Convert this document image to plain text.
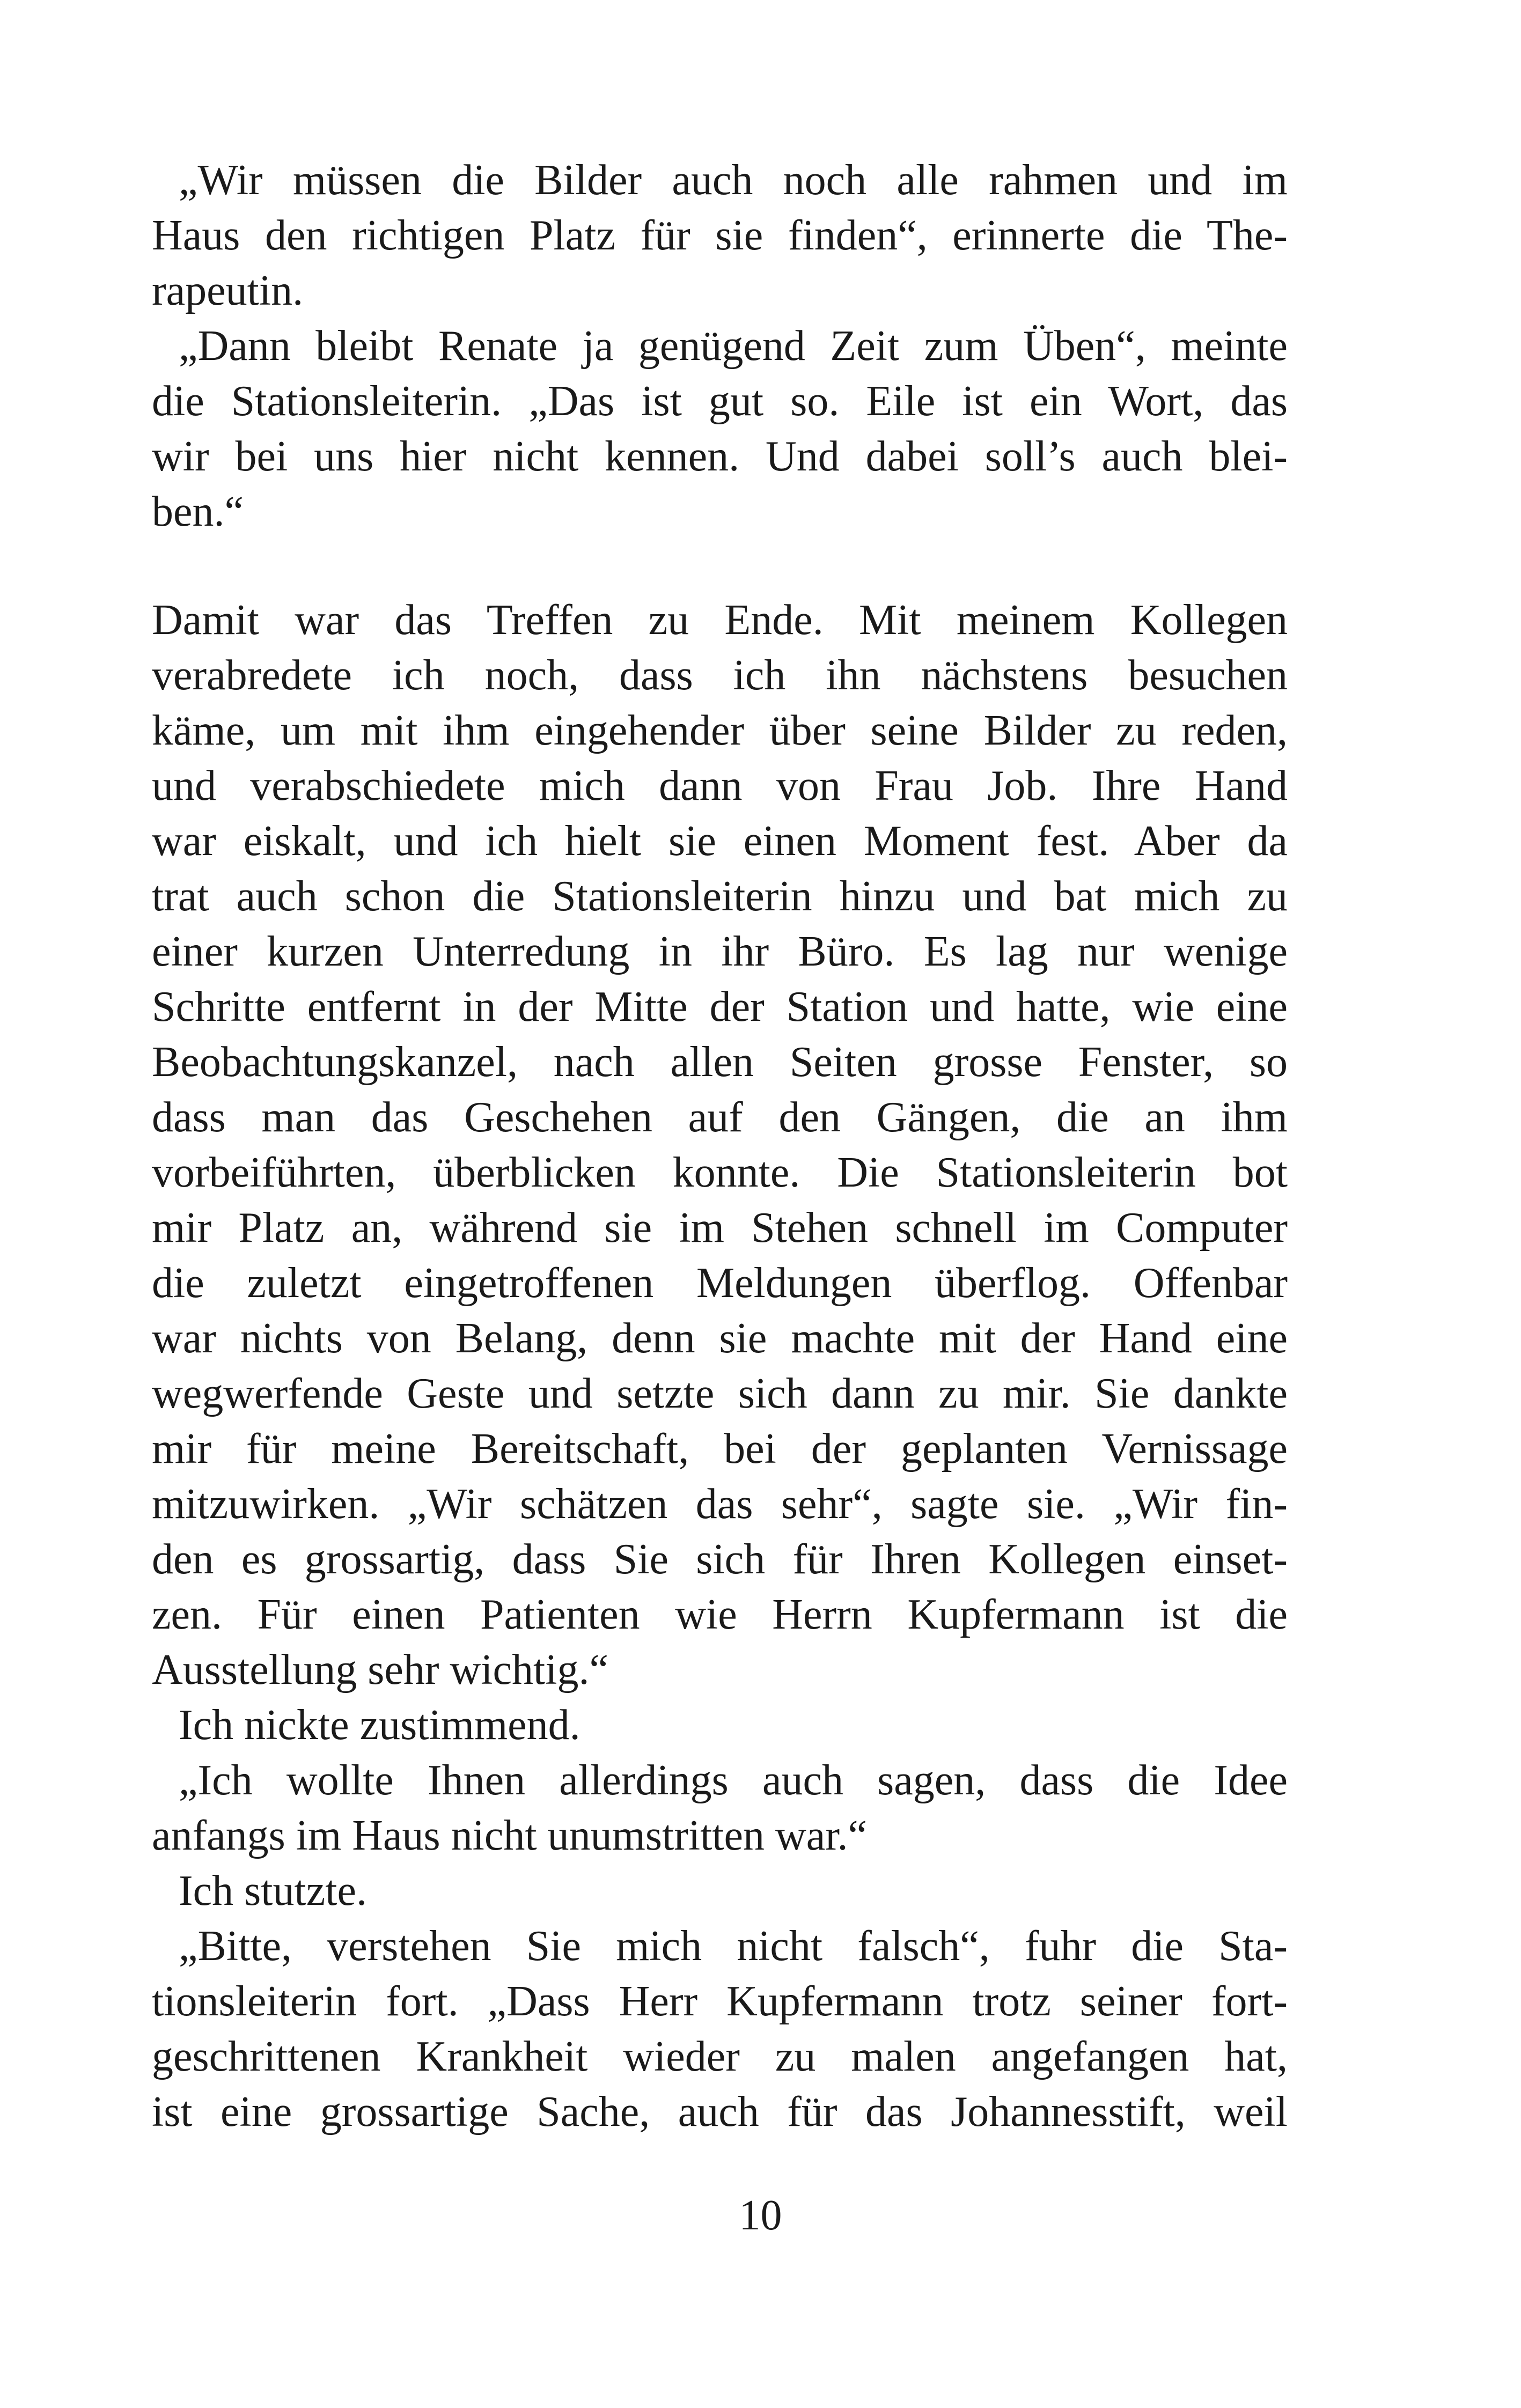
„Wir müssen die Bilder auch noch alle rahmen und im
Haus den richtigen Platz für sie finden“, erinnerte die The-
rapeutin.
„Dann bleibt Renate ja genügend Zeit zum Üben“, meinte
die Stationsleiterin. „Das ist gut so. Eile ist ein Wort, das
wir bei uns hier nicht kennen. Und dabei soll’s auch blei-
ben.“
Damit war das Treffen zu Ende. Mit meinem Kollegen
verabredete ich noch, dass ich ihn nächstens besuchen
käme, um mit ihm eingehender über seine Bilder zu reden,
und verabschiedete mich dann von Frau Job. Ihre Hand
war eiskalt, und ich hielt sie einen Moment fest. Aber da
trat auch schon die Stationsleiterin hinzu und bat mich zu
einer kurzen Unterredung in ihr Büro. Es lag nur wenige
Schritte entfernt in der Mitte der Station und hatte, wie eine
Beobachtungskanzel, nach allen Seiten grosse Fenster, so
dass man das Geschehen auf den Gängen, die an ihm
vorbeiführten, überblicken konnte. Die Stationsleiterin bot
mir Platz an, während sie im Stehen schnell im Computer
die zuletzt eingetroffenen Meldungen überflog. Offenbar
war nichts von Belang, denn sie machte mit der Hand eine
wegwerfende Geste und setzte sich dann zu mir. Sie dankte
mir für meine Bereitschaft, bei der geplanten Vernissage
mitzuwirken. „Wir schätzen das sehr“, sagte sie. „Wir fin-
den es grossartig, dass Sie sich für Ihren Kollegen einset-
zen. Für einen Patienten wie Herrn Kupfermann ist die
Ausstellung sehr wichtig.“
Ich nickte zustimmend.
„Ich wollte Ihnen allerdings auch sagen, dass die Idee
anfangs im Haus nicht unumstritten war.“
Ich stutzte.
„Bitte, verstehen Sie mich nicht falsch“, fuhr die Sta-
tionsleiterin fort. „Dass Herr Kupfermann trotz seiner fort-
geschrittenen Krankheit wieder zu malen angefangen hat,
ist eine grossartige Sache, auch für das Johannesstift, weil
10
